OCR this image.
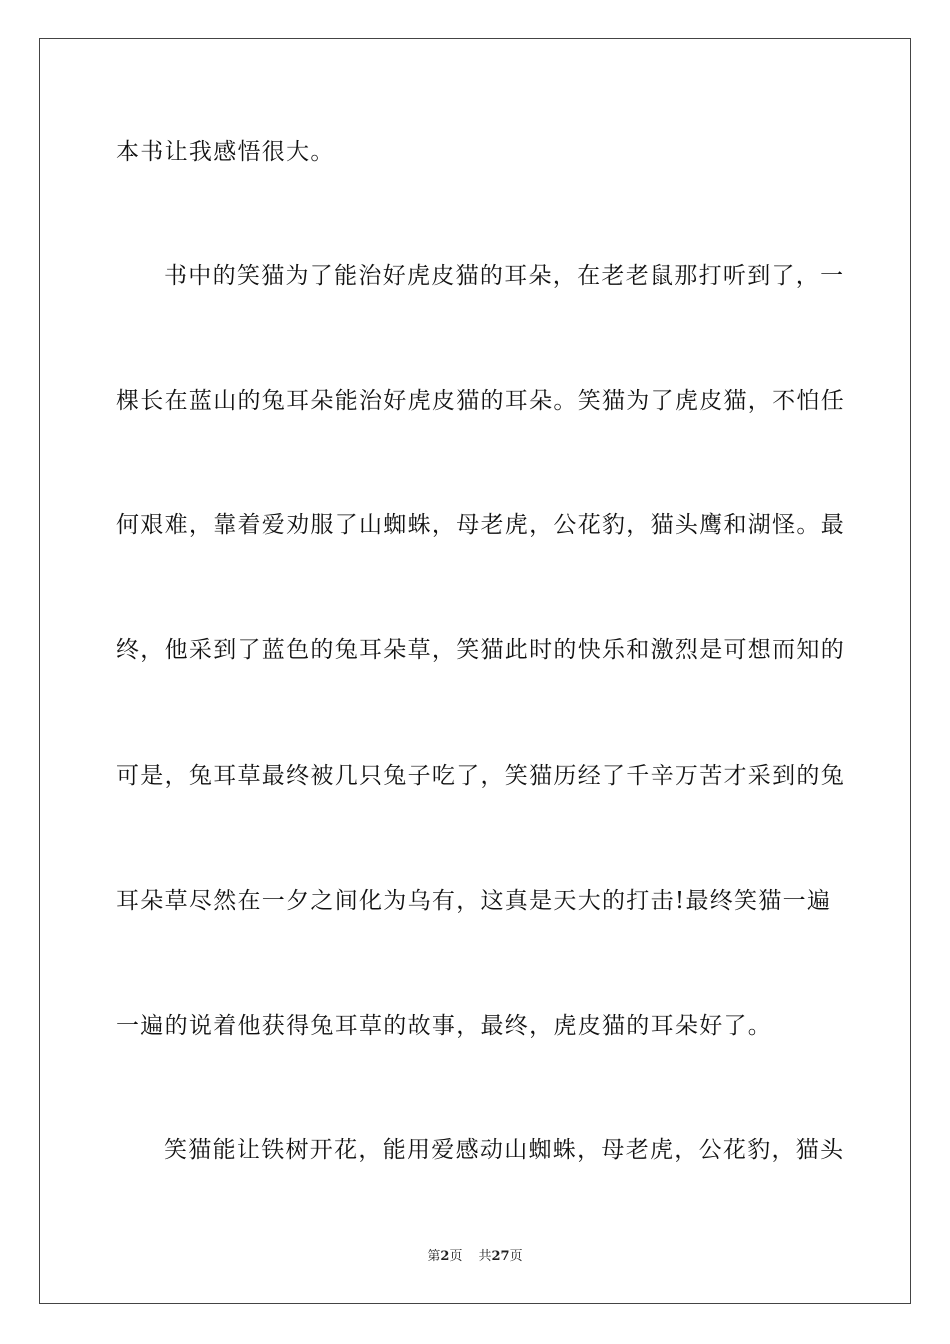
本书让我感悟很大。
书中的笑猫为了能治好虎皮猫的耳朵，在老老鼠那打听到了，一
棵长在蓝山的兔耳朵能治好虎皮猫的耳朵。笑猫为了虎皮猫，不怕任
何艰难，靠着爱劝服了山蜘蛛，母老虎，公花豹，猫头鹰和湖怪。最
终，他采到了蓝色的兔耳朵草，笑猫此时的快乐和激烈是可想而知的
可是，兔耳草最终被几只兔子吃了，笑猫历经了千辛万苦才采到的兔
耳朵草尽然在一夕之间化为乌有，这真是天大的打击!最终笑猫一遍
一遍的说着他获得兔耳草的故事，最终，虎皮猫的耳朵好了。
笑猫能让铁树开花，能用爱感动山蜘蛛，母老虎，公花豹，猫头
第2页 共27页
